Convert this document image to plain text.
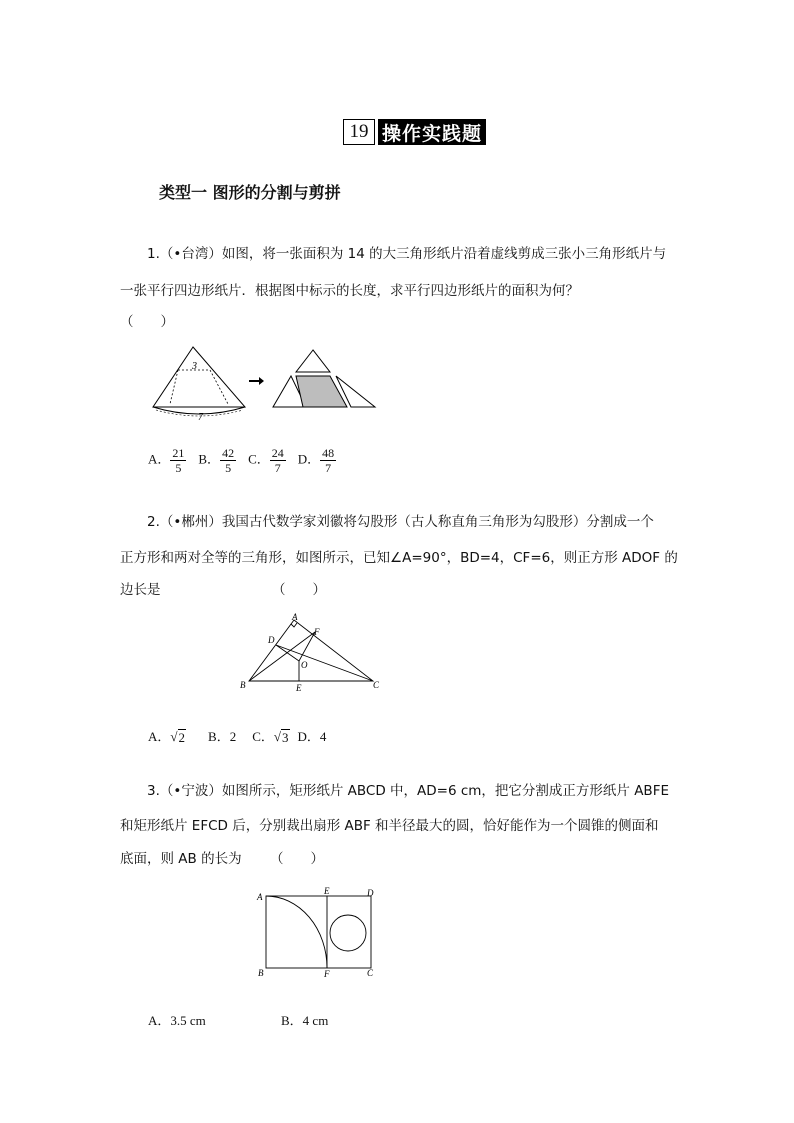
19 操作实践题
类型一 图形的分割与剪拼
1.（•台湾）如图，将一张面积为 14 的大三角形纸片沿着虚线剪成三张小三角形纸片与
一张平行四边形纸片．根据图中标示的长度，求平行四边形纸片的面积为何？
（　　）
3
7
A． $\frac{21}{5}$ B． $\frac{42}{5}$ C． $\frac{24}{7}$ D． $\frac{48}{7}$
2.（•郴州）我国古代数学家刘徽将勾股形（古人称直角三角形为勾股形）分割成一个
正方形和两对全等的三角形，如图所示，已知∠A=90°，BD=4，CF=6，则正方形 ADOF 的
边长是	（　　）
A
B	C
D
E
F
O
A． √ 2 B．2 C． √ 3 D．4
3.（•宁波）如图所示，矩形纸片 ABCD 中，AD=6 cm，把它分割成正方形纸片 ABFE
和矩形纸片 EFCD 后，分别裁出扇形 ABF 和半径最大的圆，恰好能作为一个圆锥的侧面和
底面，则 AB 的长为 （　　）
A
B	C
D
E
F
A．3.5 cm	B．4 cm
